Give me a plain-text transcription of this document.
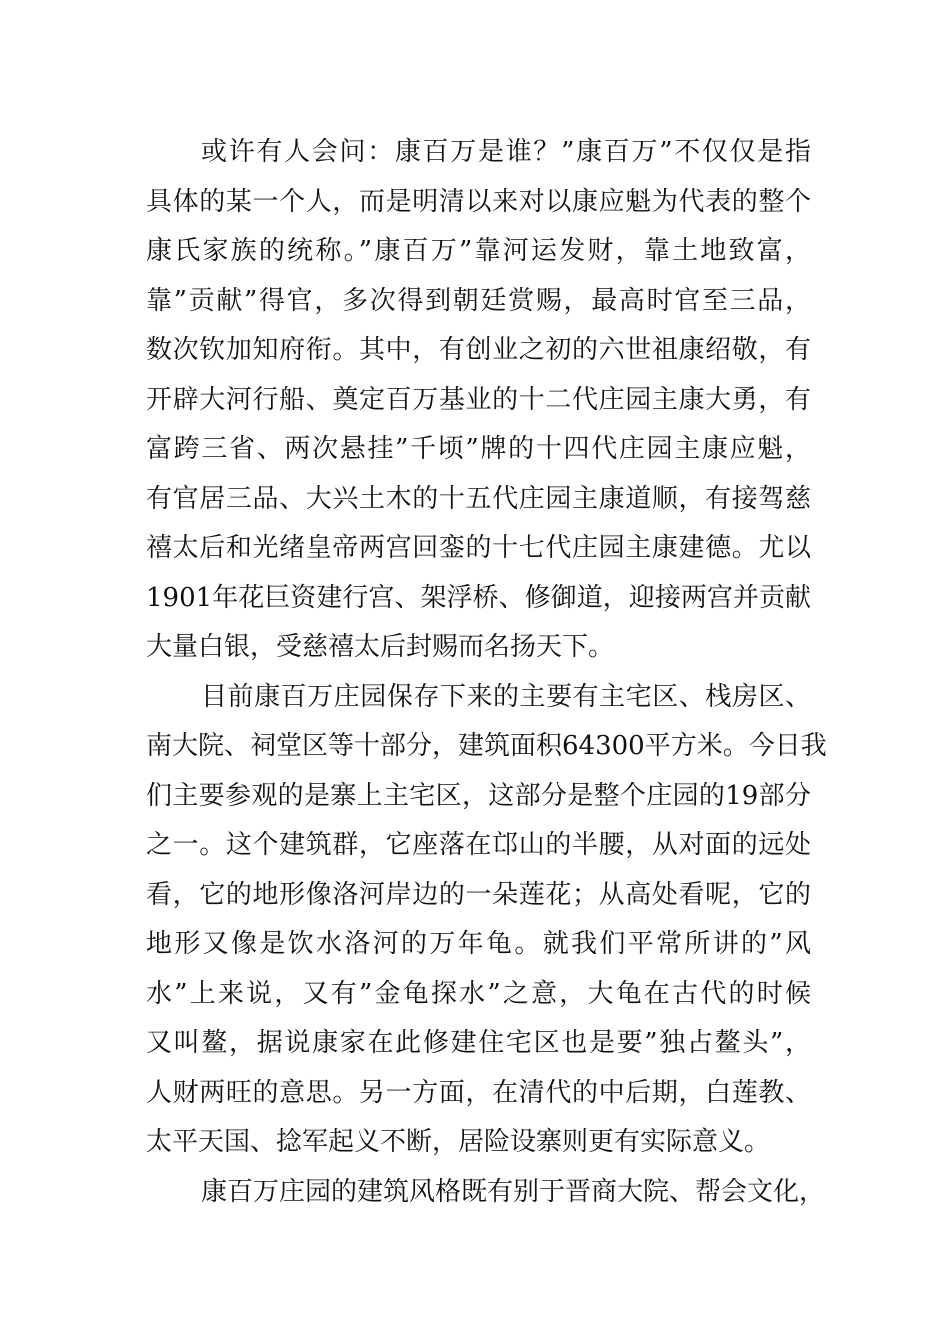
或许有人会问：康百万是谁？”康百万”不仅仅是指
具体的某一个人，而是明清以来对以康应魁为代表的整个
康氏家族的统称。”康百万”靠河运发财，靠土地致富，
靠”贡献”得官，多次得到朝廷赏赐，最高时官至三品，
数次钦加知府衔。其中，有创业之初的六世祖康绍敬，有
开辟大河行船、奠定百万基业的十二代庄园主康大勇，有
富跨三省、两次悬挂”千顷”牌的十四代庄园主康应魁，
有官居三品、大兴土木的十五代庄园主康道顺，有接驾慈
禧太后和光绪皇帝两宫回銮的十七代庄园主康建德。尤以
1901年花巨资建行宫、架浮桥、修御道，迎接两宫并贡献
大量白银，受慈禧太后封赐而名扬天下。
目前康百万庄园保存下来的主要有主宅区、栈房区、
南大院、祠堂区等十部分，建筑面积64300平方米。今日我
们主要参观的是寨上主宅区，这部分是整个庄园的19部分
之一。这个建筑群，它座落在邙山的半腰，从对面的远处
看，它的地形像洛河岸边的一朵莲花；从高处看呢，它的
地形又像是饮水洛河的万年龟。就我们平常所讲的”风
水”上来说，又有”金龟探水”之意，大龟在古代的时候
又叫鳌，据说康家在此修建住宅区也是要”独占鳌头”，
人财两旺的意思。另一方面，在清代的中后期，白莲教、
太平天国、捻军起义不断，居险设寨则更有实际意义。
康百万庄园的建筑风格既有别于晋商大院、帮会文化，
